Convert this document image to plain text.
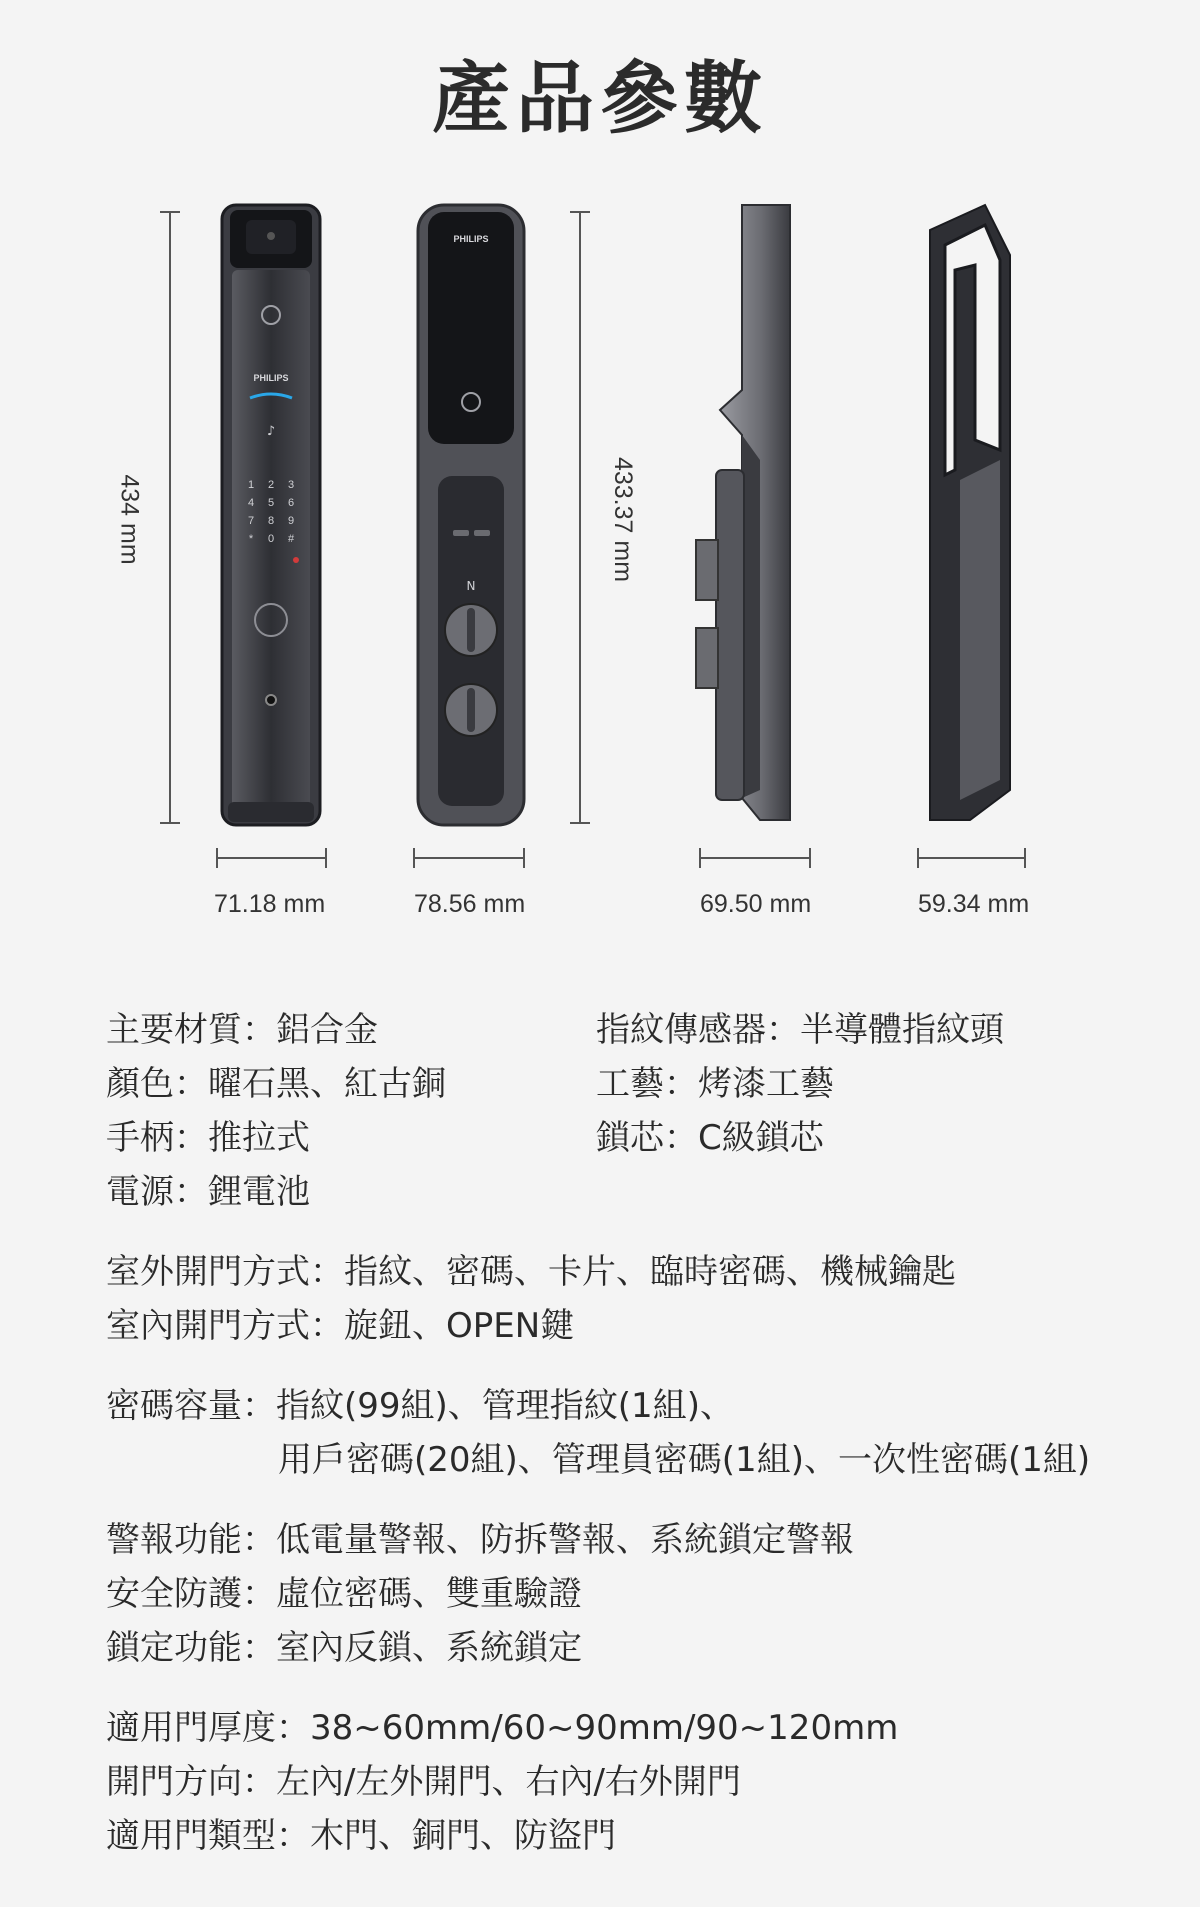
產品參數
PHILIPS
♪
1 2 3
4 5 6
7 8 9
* 0 #
PHILIPS
N
434 mm	433.37 mm
71.18 mm	78.56 mm	69.50 mm	59.34 mm
主要材質：鋁合金
顏色：曜石黑、紅古銅
手柄：推拉式
電源：鋰電池
指紋傳感器：半導體指紋頭
工藝：烤漆工藝
鎖芯：C級鎖芯
室外開門方式：指紋、密碼、卡片、臨時密碼、機械鑰匙
室內開門方式：旋鈕、OPEN鍵
密碼容量：指紋(99組)、管理指紋(1組)、
用戶密碼(20組)、管理員密碼(1組)、一次性密碼(1組)
警報功能：低電量警報、防拆警報、系統鎖定警報
安全防護：虛位密碼、雙重驗證
鎖定功能：室內反鎖、系統鎖定
適用門厚度：38~60mm/60~90mm/90~120mm
開門方向：左內/左外開門、右內/右外開門
適用門類型：木門、銅門、防盜門
